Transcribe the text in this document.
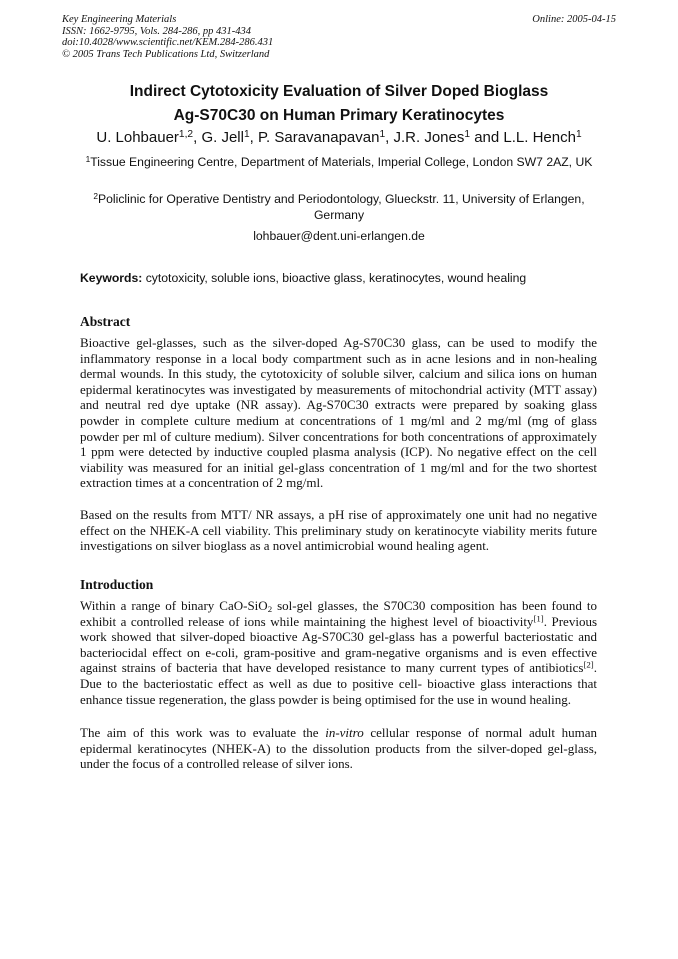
Key Engineering Materials
ISSN: 1662-9795, Vols. 284-286, pp 431-434
doi:10.4028/www.scientific.net/KEM.284-286.431
© 2005 Trans Tech Publications Ltd, Switzerland
Online: 2005-04-15
Indirect Cytotoxicity Evaluation of Silver Doped Bioglass
Ag-S70C30 on Human Primary Keratinocytes
U. Lohbauer$^{1,2}$, G. Jell$^1$, P. Saravanapavan$^1$, J.R. Jones$^1$ and L.L. Hench$^1$
$^1$Tissue Engineering Centre, Department of Materials, Imperial College, London SW7 2AZ, UK
$^2$Policlinic for Operative Dentistry and Periodontology, Glueckstr. 11, University of Erlangen, Germany
lohbauer@dent.uni-erlangen.de
Keywords: cytotoxicity, soluble ions, bioactive glass, keratinocytes, wound healing
Abstract

Bioactive gel-glasses, such as the silver-doped Ag-S70C30 glass, can be used to modify the inflammatory response in a local body compartment such as in acne lesions and in non-healing dermal wounds. In this study, the cytotoxicity of soluble silver, calcium and silica ions on human epidermal keratinocytes was investigated by measurements of mitochondrial activity (MTT assay) and neutral red dye uptake (NR assay). Ag-S70C30 extracts were prepared by soaking glass powder in complete culture medium at concentrations of 1 mg/ml and 2 mg/ml (mg of glass powder per ml of culture medium). Silver concentrations for both concentrations of approximately 1 ppm were detected by inductive coupled plasma analysis (ICP). No negative effect on the cell viability was measured for an initial gel-glass concentration of 1 mg/ml and for the two shortest extraction times at a concentration of 2 mg/ml.

Based on the results from MTT/ NR assays, a pH rise of approximately one unit had no negative effect on the NHEK-A cell viability. This preliminary study on keratinocyte viability merits future investigations on silver bioglass as a novel antimicrobial wound healing agent.

Introduction

Within a range of binary CaO-SiO$_2$ sol-gel glasses, the S70C30 composition has been found to exhibit a controlled release of ions while maintaining the highest level of bioactivity[1]. Previous work showed that silver-doped bioactive Ag-S70C30 gel-glass has a powerful bacteriostatic and bacteriocidal effect on e-coli, gram-positive and gram-negative organisms and is even effective against strains of bacteria that have developed resistance to many current types of antibiotics[2]. Due to the bacteriostatic effect as well as due to positive cell- bioactive glass interactions that enhance tissue regeneration, the glass powder is being optimised for the use in wound healing.

The aim of this work was to evaluate the in-vitro cellular response of normal adult human epidermal keratinocytes (NHEK-A) to the dissolution products from the silver-doped gel-glass, under the focus of a controlled release of silver ions.
